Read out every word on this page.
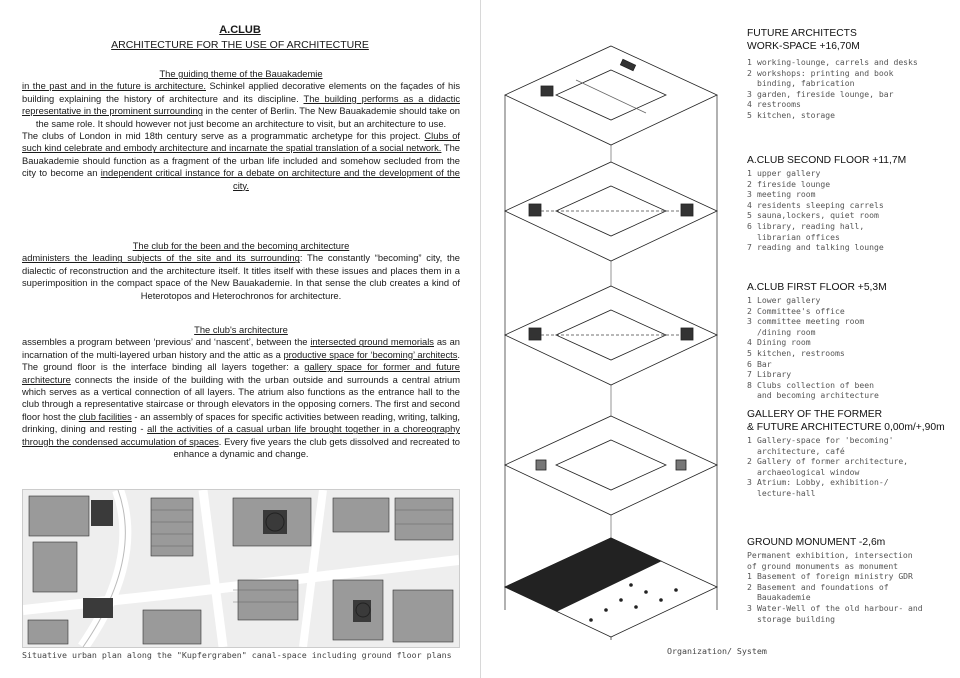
A.CLUB
ARCHITECTURE FOR THE USE OF ARCHITECTURE

The guiding theme of the Bauakademie

in the past and in the future is architecture. Schinkel applied decorative elements on the façades of his building explaining the history of architecture and its discipline. The building performs as a didactic representative in the prominent surrounding in the center of Berlin. The New Bauakademie should take on the same role. It should however not just become an architecture to visit, but an architecture to use.

The clubs of London in mid 18th century serve as a programmatic archetype for this project. Clubs of such kind celebrate and embody architecture and incarnate the spatial translation of a social network. The Bauakademie should function as a fragment of the urban life included and somehow secluded from the city to become an independent critical instance for a debate on architecture and the development of the city.

The club for the been and the becoming architecture

administers the leading subjects of the site and its surrounding: The constantly “becoming” city, the dialectic of reconstruction and the architecture itself. It titles itself with these issues and places them in a superimposition in the compact space of the New Bauakademie. In that sense the club creates a kind of Heterotopos and Heterochronos for architecture.

The club's architecture

assembles a program between ‘previous’ and ‘nascent’, between the intersected ground memorials as an incarnation of the multi-layered urban history and the attic as a productive space for ‘becoming’ architects. The ground floor is the interface binding all layers together: a gallery space for former and future architecture connects the inside of the building with the urban outside and surrounds a central atrium which serves as a vertical connection of all layers. The atrium also functions as the entrance hall to the club through a representative staircase or through elevators in the opposing corners. The first and second floor host the club facilities - an assembly of spaces for specific activities between reading, writing, talking, drinking, dining and resting - all the activities of a casual urban life brought together in a choreography through the condensed accumulation of spaces. Every five years the club gets dissolved and recreated to enhance a dynamic and change.

Situative urban plan along the "Kupfergraben" canal-space including ground floor plans
FUTURE ARCHITECTS
WORK-SPACE +16,70M
1 working-lounge, carrels and desks
2 workshops: printing and book
binding, fabrication
3 garden, fireside lounge, bar
4 restrooms
5 kitchen, storage
A.CLUB SECOND FLOOR +11,7M
1 upper gallery
2 fireside lounge
3 meeting room
4 residents sleeping carrels
5 sauna,lockers, quiet room
6 library, reading hall,
librarian offices
7 reading and talking lounge
A.CLUB FIRST FLOOR +5,3M
1 Lower gallery
2 Committee's office
3 committee meeting room
/dining room
4 Dining room
5 kitchen, restrooms
6 Bar
7 Library
8 Clubs collection of been
and becoming architecture
GALLERY OF THE FORMER
& FUTURE ARCHITECTURE 0,00m/+,90m
1 Gallery-space for 'becoming'
architecture, café
2 Gallery of former architecture,
archaeological window
3 Atrium: Lobby, exhibition-/
lecture-hall
GROUND MONUMENT -2,6m
Permanent exhibition, intersection
of ground monuments as monument
1 Basement of foreign ministry GDR
2 Basement and foundations of
Bauakademie
3 Water-Well of the old harbour- and
storage building
Organization/ System
